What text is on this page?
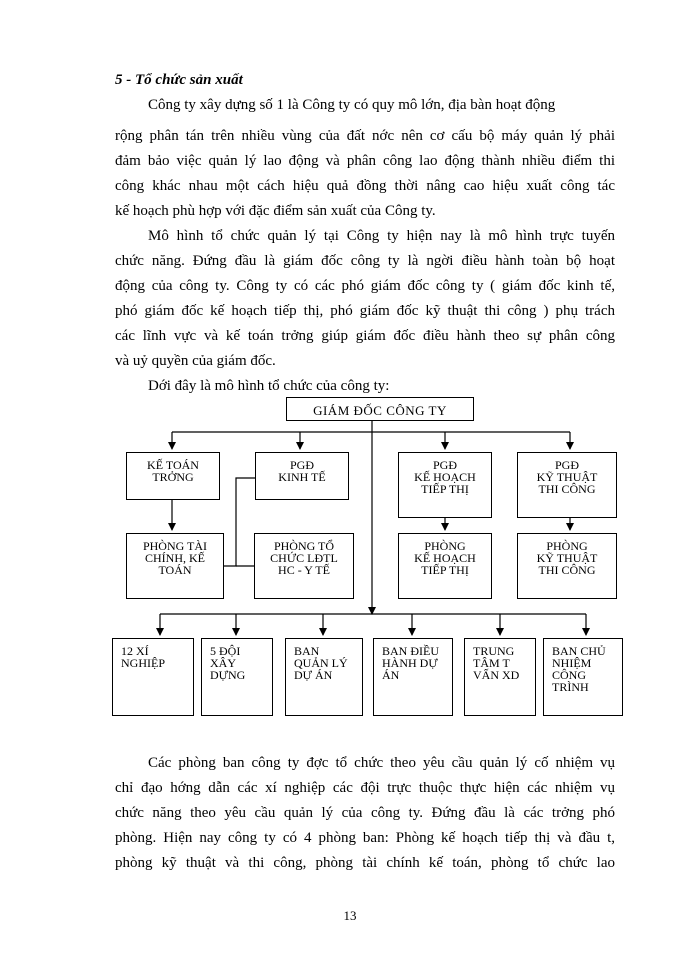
5 - Tổ chức sản xuất
Công ty xây dựng số 1 là Công ty có quy mô lớn, địa bàn hoạt động
rộng phân tán trên nhiều vùng của đất nớc nên cơ cấu bộ máy quản lý phải
đảm bảo việc quản lý lao động và phân công lao động thành nhiều điểm thi
công khác nhau một cách hiệu quả đồng thời nâng cao hiệu xuất công tác
kế hoạch phù hợp với đặc điểm sản xuất của Công ty.
Mô hình tổ chức quản lý tại Công ty hiện nay là mô hình trực tuyến
chức năng. Đứng đầu là giám đốc công ty là ngời điều hành toàn bộ hoạt
động của công ty. Công ty có các phó giám đốc công ty ( giám đốc kinh tế,
phó giám đốc kế hoạch tiếp thị, phó giám đốc kỹ thuật thi công ) phụ trách
các lĩnh vực và kế toán trởng giúp giám đốc điều hành theo sự phân công
và uỷ quyền của giám đốc.
Dới đây là mô hình tổ chức của công ty:
GIÁM ĐỐC CÔNG TY
KẾ TOÁN
TRỞNG
PGĐ
KINH TẾ
PGĐ
KẾ HOẠCH
TIẾP THỊ
PGĐ
KỸ THUẬT
THI CÔNG
PHÒNG TÀI
CHÍNH, KẾ
TOÁN
PHÒNG TỔ
CHỨC LĐTL
HC - Y TẾ
PHÒNG
KẾ HOẠCH
TIẾP THỊ
PHÒNG
KỸ THUẬT
THI CÔNG
12 XÍ
NGHIỆP
5 ĐỘI
XÂY
DỰNG
BAN
QUẢN LÝ
DỰ ÁN
BAN ĐIỀU
HÀNH DỰ
ÁN
TRUNG
TÂM T
VẤN XD
BAN CHỦ
NHIỆM
CÔNG
TRÌNH
Các phòng ban công ty đợc tổ chức theo yêu cầu quản lý cố nhiệm vụ
chỉ đạo hớng dẫn các xí nghiệp các đội trực thuộc thực hiện các nhiệm vụ
chức năng theo yêu cầu quản lý của công ty. Đứng đầu là các trởng phó
phòng. Hiện nay công ty có 4 phòng ban: Phòng kế hoạch tiếp thị và đầu t,
phòng kỹ thuật và thi công, phòng tài chính kế toán, phòng tổ chức lao
13
